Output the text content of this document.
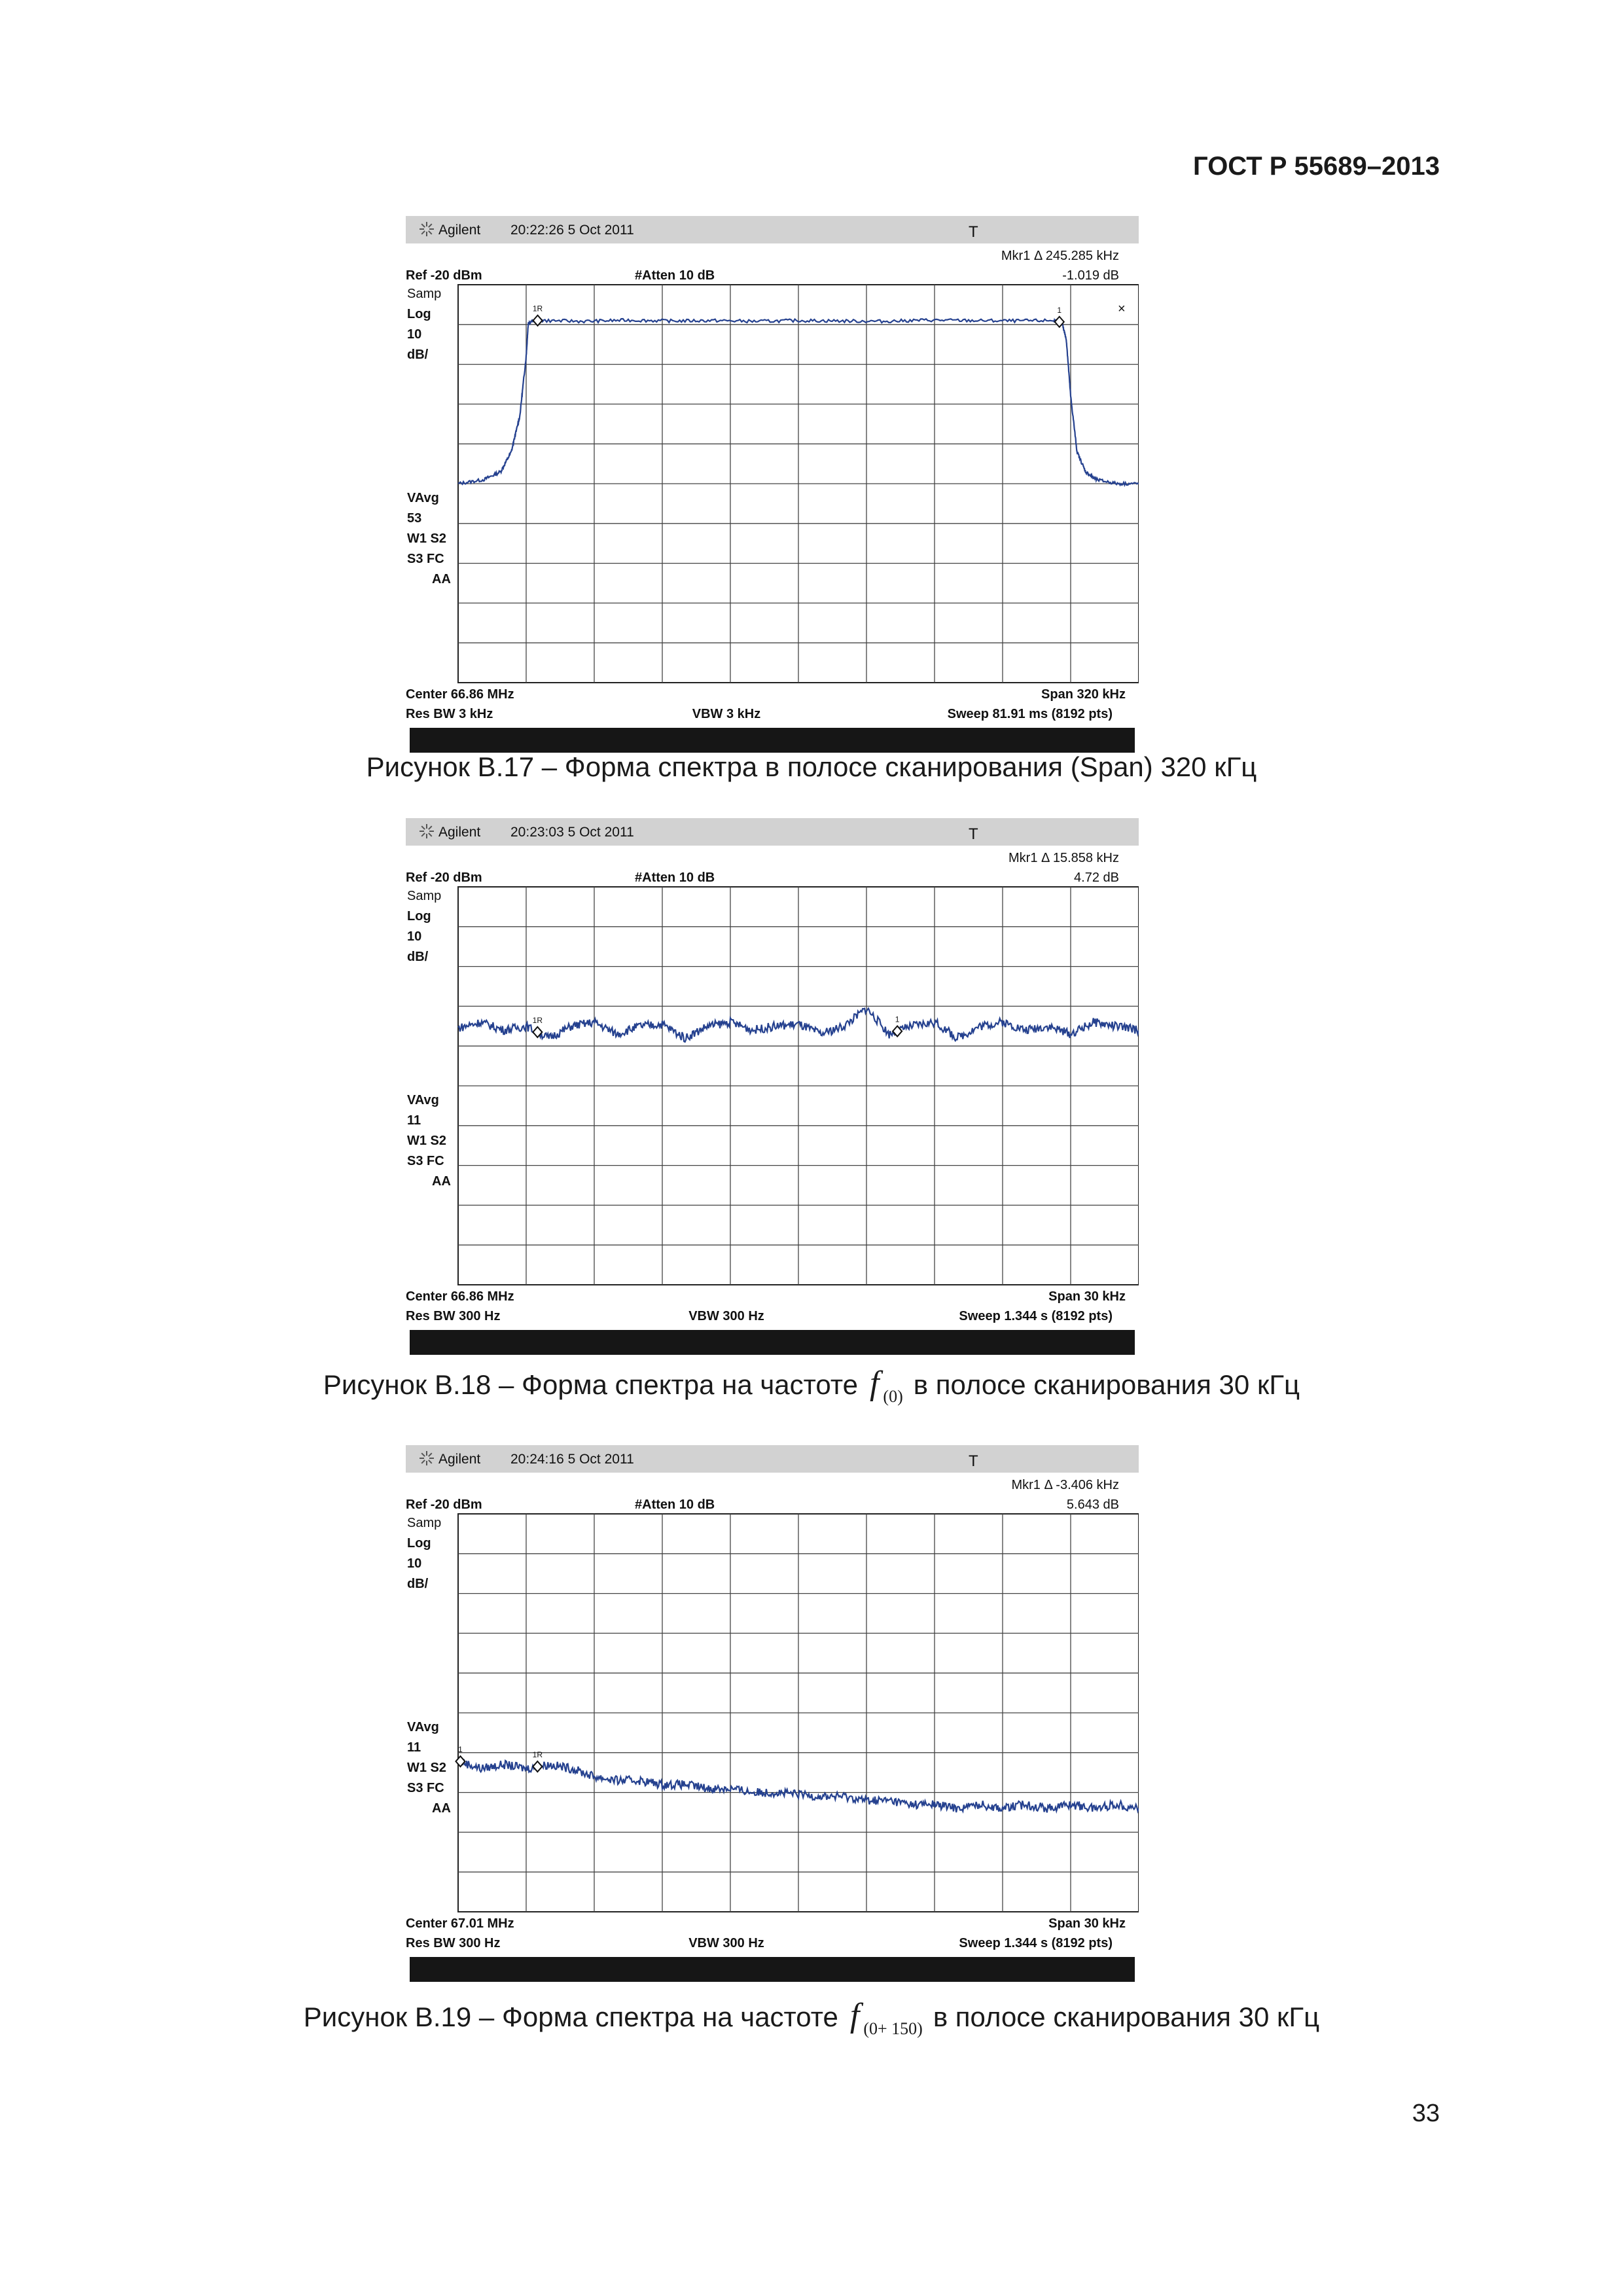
ГОСТ Р 55689–2013
Agilent 20:22:26 5 Oct 2011	T
Mkr1 Δ 245.285 kHz
-1.019 dB
Ref -20 dBm	#Atten 10 dB
Samp
Log
10
dB/
VAvg
53
W1 S2
S3 FC
AA
1R	1	×
Center 66.86 MHz	Span 320 kHz
Res BW 3 kHz	VBW 3 kHz	Sweep 81.91 ms (8192 pts)
Рисунок В.17 – Форма спектра в полосе сканирования (Span) 320 кГц
Agilent 20:23:03 5 Oct 2011	T
Mkr1 Δ 15.858 kHz
4.72 dB
Ref -20 dBm	#Atten 10 dB
Samp
Log
10
dB/
VAvg
11
W1 S2
S3 FC
AA
1R	1
Center 66.86 MHz	Span 30 kHz
Res BW 300 Hz	VBW 300 Hz	Sweep 1.344 s (8192 pts)
Рисунок В.18 – Форма спектра на частоте f $_{(0)}$ в полосе сканирования 30 кГц
Agilent 20:24:16 5 Oct 2011	T
Mkr1 Δ -3.406 kHz
5.643 dB
Ref -20 dBm	#Atten 10 dB
Samp
Log
10
dB/
VAvg
11
W1 S2
S3 FC
AA
1
1R
Center 67.01 MHz	Span 30 kHz
Res BW 300 Hz	VBW 300 Hz	Sweep 1.344 s (8192 pts)
Рисунок В.19 – Форма спектра на частоте f $_{(0+ 150)}$ в полосе сканирования 30 кГц
33
